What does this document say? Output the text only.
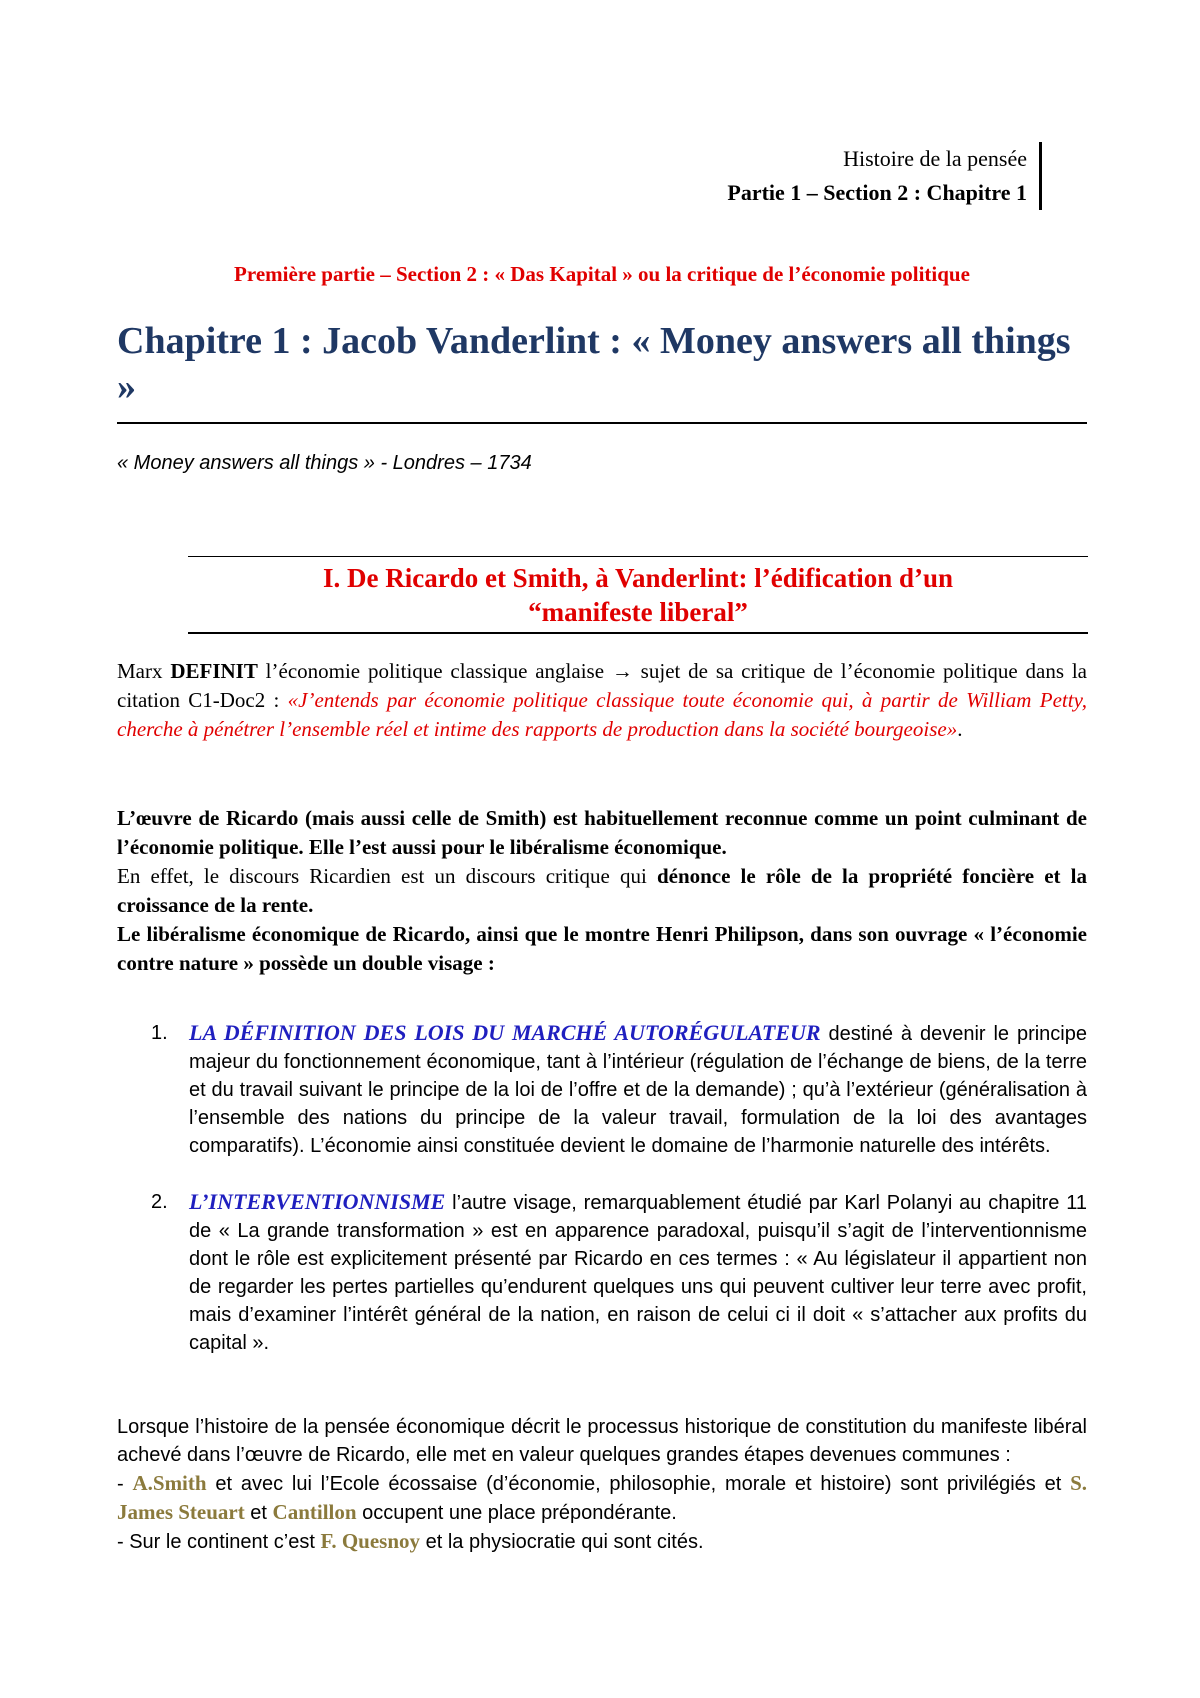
Histoire de la pensée
Partie 1 – Section 2 : Chapitre 1
Première partie – Section 2 : « Das Kapital » ou la critique de l’économie politique
Chapitre 1 : Jacob Vanderlint : « Money answers all things »
« Money answers all things » - Londres – 1734
I. De Ricardo et Smith, à Vanderlint: l’édification d’un
“manifeste liberal”
Marx DEFINIT l’économie politique classique anglaise → sujet de sa critique de l’économie politique dans la citation C1-Doc2 : «J’entends par économie politique classique toute économie qui, à partir de William Petty, cherche à pénétrer l’ensemble réel et intime des rapports de production dans la société bourgeoise».
L’œuvre de Ricardo (mais aussi celle de Smith) est habituellement reconnue comme un point culminant de l’économie politique. Elle l’est aussi pour le libéralisme économique.
En effet, le discours Ricardien est un discours critique qui dénonce le rôle de la propriété foncière et la croissance de la rente.
Le libéralisme économique de Ricardo, ainsi que le montre Henri Philipson, dans son ouvrage « l’économie contre nature » possède un double visage :
1. LA DÉFINITION DES LOIS DU MARCHÉ AUTORÉGULATEUR destiné à devenir le principe majeur du fonctionnement économique, tant à l’intérieur (régulation de l’échange de biens, de la terre et du travail suivant le principe de la loi de l’offre et de la demande) ; qu’à l’extérieur (généralisation à l’ensemble des nations du principe de la valeur travail, formulation de la loi des avantages comparatifs). L’économie ainsi constituée devient le domaine de l’harmonie naturelle des intérêts.
2. L’INTERVENTIONNISME l’autre visage, remarquablement étudié par Karl Polanyi au chapitre 11 de « La grande transformation » est en apparence paradoxal, puisqu’il s’agit de l’interventionnisme dont le rôle est explicitement présenté par Ricardo en ces termes : « Au législateur il appartient non de regarder les pertes partielles qu’endurent quelques uns qui peuvent cultiver leur terre avec profit, mais d’examiner l’intérêt général de la nation, en raison de celui ci il doit « s’attacher aux profits du capital ».
Lorsque l’histoire de la pensée économique décrit le processus historique de constitution du manifeste libéral achevé dans l’œuvre de Ricardo, elle met en valeur quelques grandes étapes devenues communes :
- A.Smith et avec lui l’Ecole écossaise (d’économie, philosophie, morale et histoire) sont privilégiés et S. James Steuart et Cantillon occupent une place prépondérante.
- Sur le continent c’est F. Quesnoy et la physiocratie qui sont cités.
